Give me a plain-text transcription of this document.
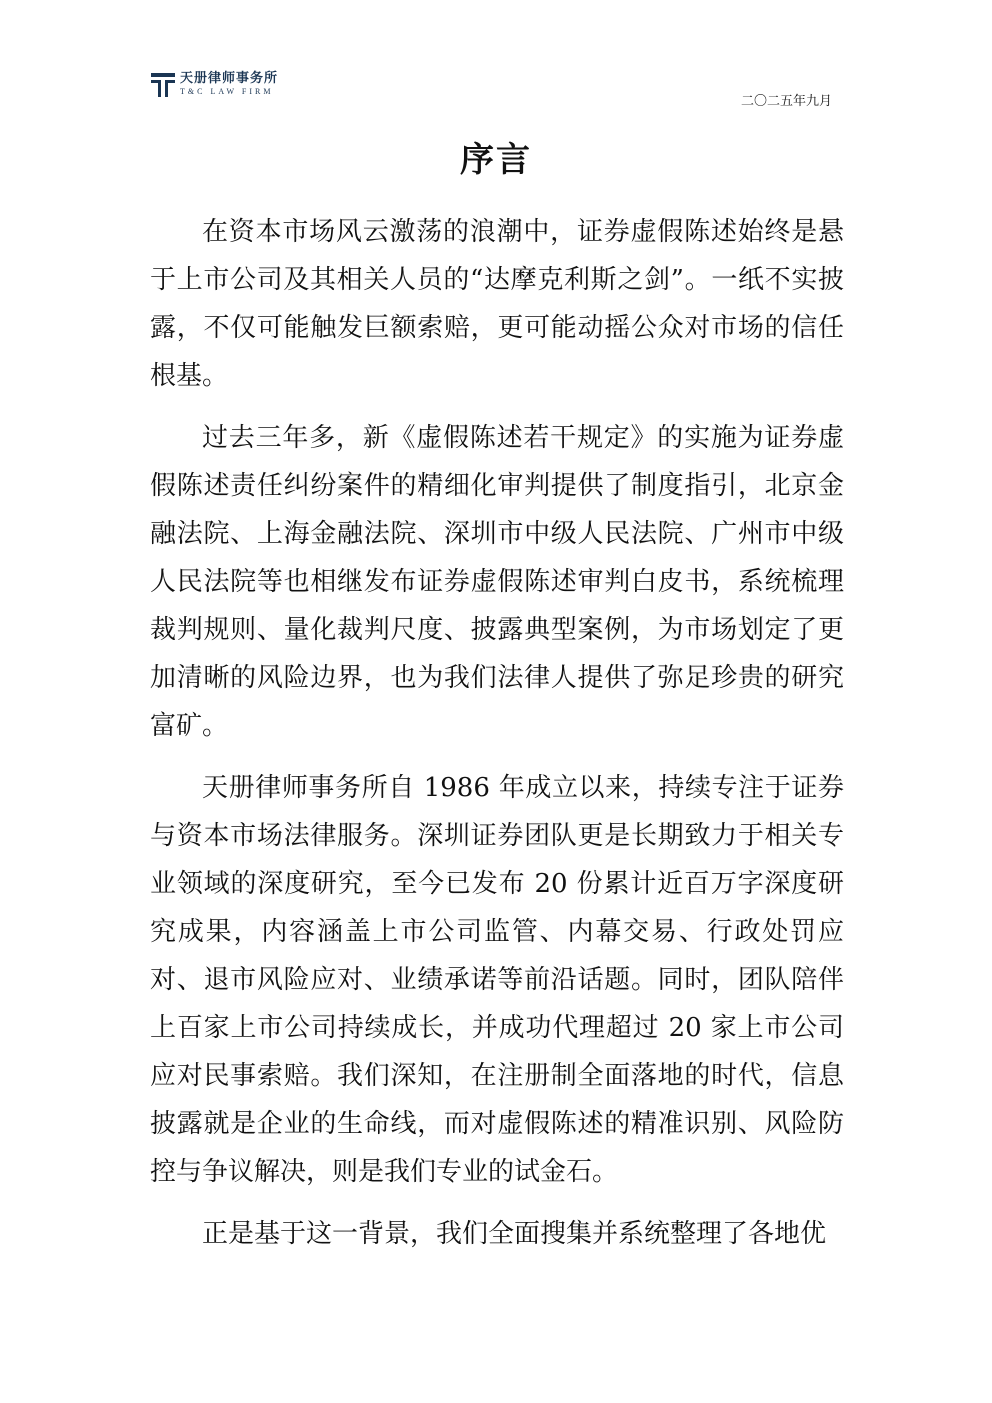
天册律师事务所
T&C LAW FIRM
二〇二五年九月
序言

在资本市场风云激荡的浪潮中，证券虚假陈述始终是悬于上市公司及其相关人员的“达摩克利斯之剑”。一纸不实披露，不仅可能触发巨额索赔，更可能动摇公众对市场的信任根基。

过去三年多，新《虚假陈述若干规定》的实施为证券虚假陈述责任纠纷案件的精细化审判提供了制度指引，北京金融法院、上海金融法院、深圳市中级人民法院、广州市中级人民法院等也相继发布证券虚假陈述审判白皮书，系统梳理裁判规则、量化裁判尺度、披露典型案例，为市场划定了更加清晰的风险边界，也为我们法律人提供了弥足珍贵的研究富矿。

天册律师事务所自 1986 年成立以来，持续专注于证券与资本市场法律服务。深圳证券团队更是长期致力于相关专业领域的深度研究，至今已发布 20 份累计近百万字深度研究成果，内容涵盖上市公司监管、内幕交易、行政处罚应对、退市风险应对、业绩承诺等前沿话题。同时，团队陪伴上百家上市公司持续成长，并成功代理超过 20 家上市公司应对民事索赔。我们深知，在注册制全面落地的时代，信息披露就是企业的生命线，而对虚假陈述的精准识别、风险防控与争议解决，则是我们专业的试金石。

正是基于这一背景，我们全面搜集并系统整理了各地优
